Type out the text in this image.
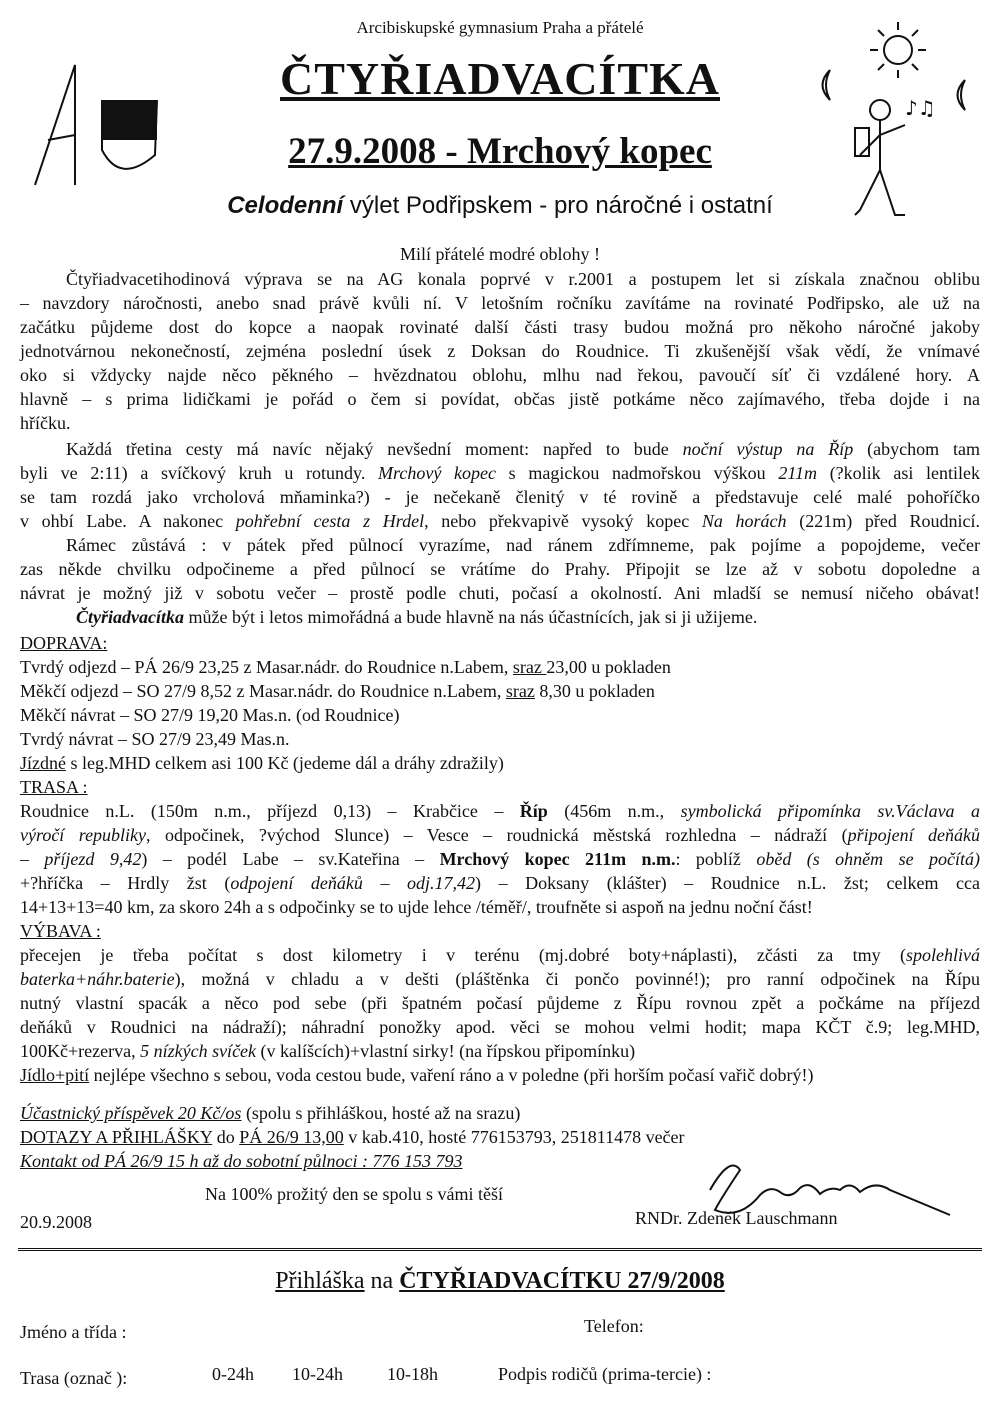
Arcibiskupské gymnasium Praha a přátelé
ČTYŘIADVACÍTKA
27.9.2008 - Mrchový kopec
Celodenní výlet Podřipskem - pro náročné i ostatní
♪♫
Milí přátelé modré oblohy !
Čtyřiadvacetihodinová výprava se na AG konala poprvé v r.2001 a postupem let si získala značnou oblibu
– navzdory náročnosti, anebo snad právě kvůli ní. V letošním ročníku zavítáme na rovinaté Podřipsko, ale už na
začátku půjdeme dost do kopce a naopak rovinaté další části trasy budou možná pro někoho náročné jakoby
jednotvárnou nekonečností, zejména poslední úsek z Doksan do Roudnice. Ti zkušenější však vědí, že vnímavé
oko si vždycky najde něco pěkného – hvězdnatou oblohu, mlhu nad řekou, pavoučí síť či vzdálené hory. A
hlavně – s prima lidičkami je pořád o čem si povídat, občas jistě potkáme něco zajímavého, třeba dojde i na
hříčku.
Každá třetina cesty má navíc nějaký nevšední moment: napřed to bude noční výstup na Říp (abychom tam
byli ve 2:11) a svíčkový kruh u rotundy. Mrchový kopec s magickou nadmořskou výškou 211m (?kolik asi lentilek
se tam rozdá jako vrcholová mňaminka?) - je nečekaně členitý v té rovině a představuje celé malé pohoříčko
v ohbí Labe. A nakonec pohřební cesta z Hrdel, nebo překvapivě vysoký kopec Na horách (221m) před Roudnicí.
Rámec zůstává : v pátek před půlnocí vyrazíme, nad ránem zdřímneme, pak pojíme a popojdeme, večer
zas někde chvilku odpočineme a před půlnocí se vrátíme do Prahy. Připojit se lze až v sobotu dopoledne a
návrat je možný již v sobotu večer – prostě podle chuti, počasí a okolností. Ani mladší se nemusí ničeho obávat!
Čtyřiadvacítka může být i letos mimořádná a bude hlavně na nás účastnících, jak si ji užijeme.
DOPRAVA:
Tvrdý odjezd – PÁ 26/9 23,25 z Masar.nádr. do Roudnice n.Labem, sraz 23,00 u pokladen
Měkčí odjezd – SO 27/9 8,52 z Masar.nádr. do Roudnice n.Labem, sraz 8,30 u pokladen
Měkčí návrat – SO 27/9 19,20 Mas.n. (od Roudnice)
Tvrdý návrat – SO 27/9 23,49 Mas.n.
Jízdné s leg.MHD celkem asi 100 Kč (jedeme dál a dráhy zdražily)
TRASA :
Roudnice n.L. (150m n.m., příjezd 0,13) – Krabčice – Říp (456m n.m., symbolická připomínka sv.Václava a
výročí republiky, odpočinek, ?východ Slunce) – Vesce – roudnická městská rozhledna – nádraží (připojení deňáků
– příjezd 9,42) – podél Labe – sv.Kateřina – Mrchový kopec 211m n.m.: poblíž oběd (s ohněm se počítá)
+?hříčka – Hrdly žst (odpojení deňáků – odj.17,42) – Doksany (klášter) – Roudnice n.L. žst; celkem cca
14+13+13=40 km, za skoro 24h a s odpočinky se to ujde lehce /téměř/, troufněte si aspoň na jednu noční část!
VÝBAVA :
přecejen je třeba počítat s dost kilometry i v terénu (mj.dobré boty+náplasti), zčásti za tmy (spolehlivá
baterka+náhr.baterie), možná v chladu a v dešti (pláštěnka či pončo povinné!); pro ranní odpočinek na Řípu
nutný vlastní spacák a něco pod sebe (při špatném počasí půjdeme z Řípu rovnou zpět a počkáme na příjezd
deňáků v Roudnici na nádraží); náhradní ponožky apod. věci se mohou velmi hodit; mapa KČT č.9; leg.MHD,
100Kč+rezerva, 5 nízkých svíček (v kalíšcích)+vlastní sirky! (na řípskou připomínku)
Jídlo+pití nejlépe všechno s sebou, voda cestou bude, vaření ráno a v poledne (při horším počasí vařič dobrý!)
Účastnický příspěvek 20 Kč/os (spolu s přihláškou, hosté až na srazu)
DOTAZY A PŘIHLÁŠKY do PÁ 26/9 13,00 v kab.410, hosté 776153793, 251811478 večer
Kontakt od PÁ 26/9 15 h až do sobotní půlnoci : 776 153 793
Na 100% prožitý den se spolu s vámi těší
20.9.2008	RNDr. Zdeněk Lauschmann
Přihláška na ČTYŘIADVACÍTKU 27/9/2008
Jméno a třída :	Telefon:
Trasa (označ ):	0-24h 10-24h 10-18h	Podpis rodičů (prima-tercie) :
